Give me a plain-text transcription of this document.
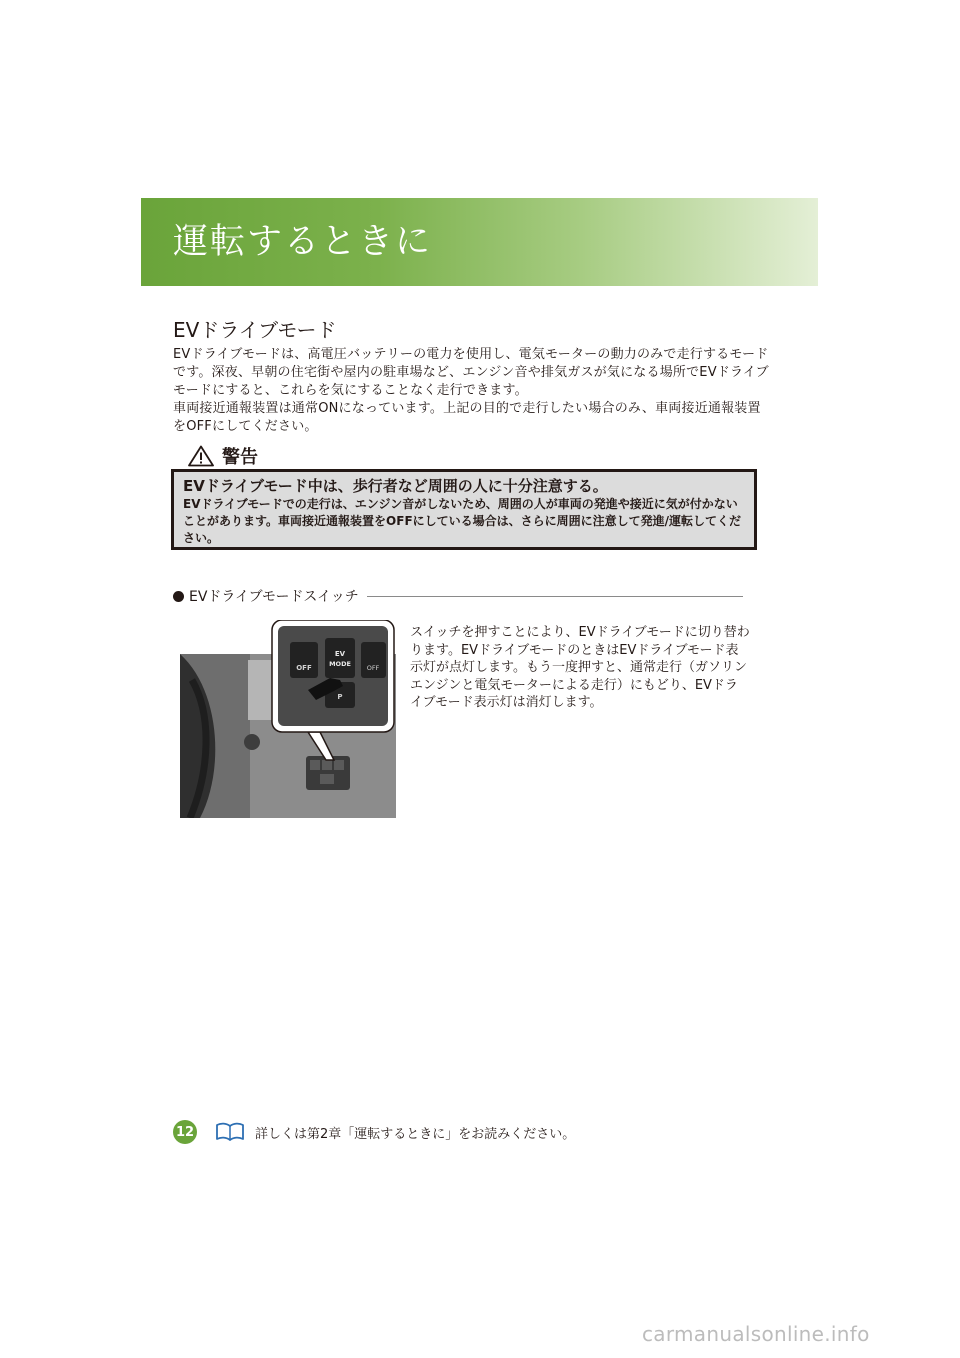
運転するときに
EVドライブモード

EVドライブモードは、高電圧バッテリーの電力を使用し、電気モーターの動力のみで走行するモードです。深夜、早朝の住宅街や屋内の駐車場など、エンジン音や排気ガスが気になる場所でEVドライブモードにすると、これらを気にすることなく走行できます。

車両接近通報装置は通常ONになっています。上記の目的で走行したい場合のみ、車両接近通報装置をOFFにしてください。

警告

EVドライブモード中は、歩行者など周囲の人に十分注意する。

EVドライブモードでの走行は、エンジン音がしないため、周囲の人が車両の発進や接近に気が付かないことがあります。車両接近通報装置をOFFにしている場合は、さらに周囲に注意して発進/運転してください。

EVドライブモードスイッチ
OFF
EV
MODE OFF
P

スイッチを押すことにより、EVドライブモードに切り替わります。EVドライブモードのときはEVドライブモード表示灯が点灯します。もう一度押すと、通常走行（ガソリンエンジンと電気モーターによる走行）にもどり、EVドライブモード表示灯は消灯します。

12	詳しくは第2章「運転するときに」をお読みください。
carmanualsonline.info
